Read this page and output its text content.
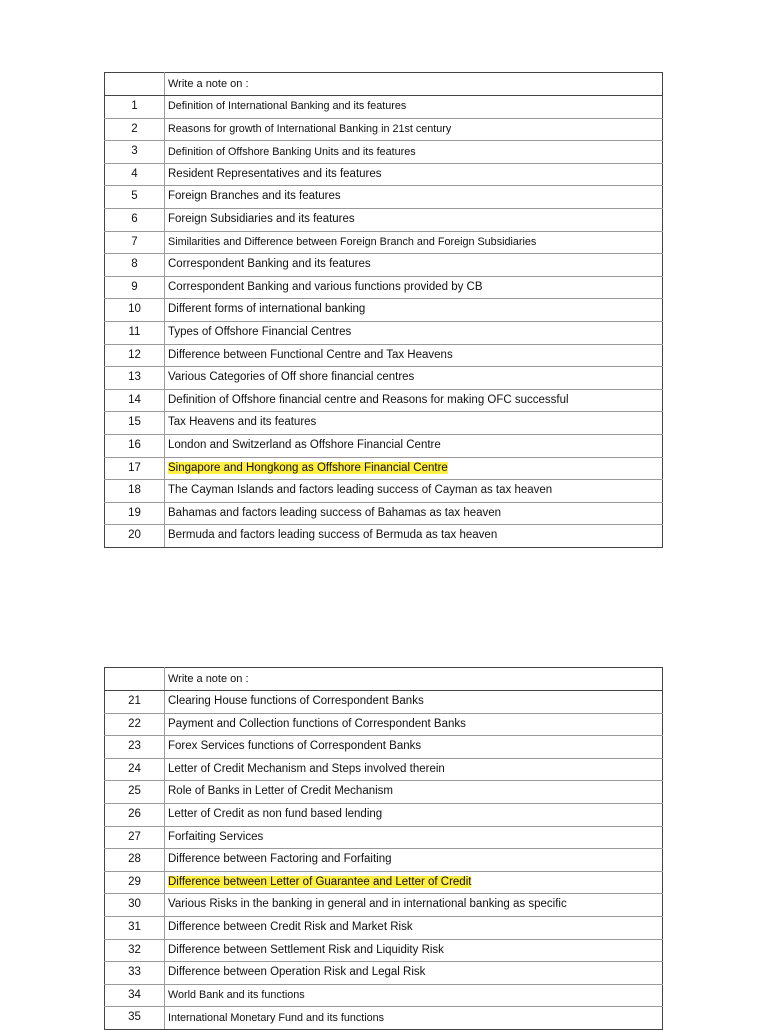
	Write a note on :
1	Definition of International Banking and its features
2	Reasons for growth of International Banking in 21st century
3	Definition of Offshore Banking Units and its features
4	Resident Representatives and its features
5	Foreign Branches and its features
6	Foreign Subsidiaries and its features
7	Similarities and Difference between Foreign Branch and Foreign Subsidiaries
8	Correspondent Banking and its features
9	Correspondent Banking and various functions provided by CB
10	Different forms of international banking
11	Types of Offshore Financial Centres
12	Difference between Functional Centre and Tax Heavens
13	Various Categories of Off shore financial centres
14	Definition of Offshore financial centre and Reasons for making OFC successful
15	Tax Heavens and its features
16	London and Switzerland as Offshore Financial Centre
17	Singapore and Hongkong as Offshore Financial Centre
18	The Cayman Islands and factors leading success of Cayman as tax heaven
19	Bahamas and factors leading success of Bahamas as tax heaven
20	Bermuda and factors leading success of Bermuda as tax heaven
	Write a note on :
21	Clearing House functions of Correspondent Banks
22	Payment and Collection functions of Correspondent Banks
23	Forex Services functions of Correspondent Banks
24	Letter of Credit Mechanism and Steps involved therein
25	Role of Banks in Letter of Credit Mechanism
26	Letter of Credit as non fund based lending
27	Forfaiting Services
28	Difference between Factoring and Forfaiting
29	Difference between Letter of Guarantee and Letter of Credit
30	Various Risks in the banking in general and in international banking as specific
31	Difference between Credit Risk and Market Risk
32	Difference between Settlement Risk and Liquidity Risk
33	Difference between Operation Risk and Legal Risk
34	World Bank and its functions
35	International Monetary Fund and its functions
